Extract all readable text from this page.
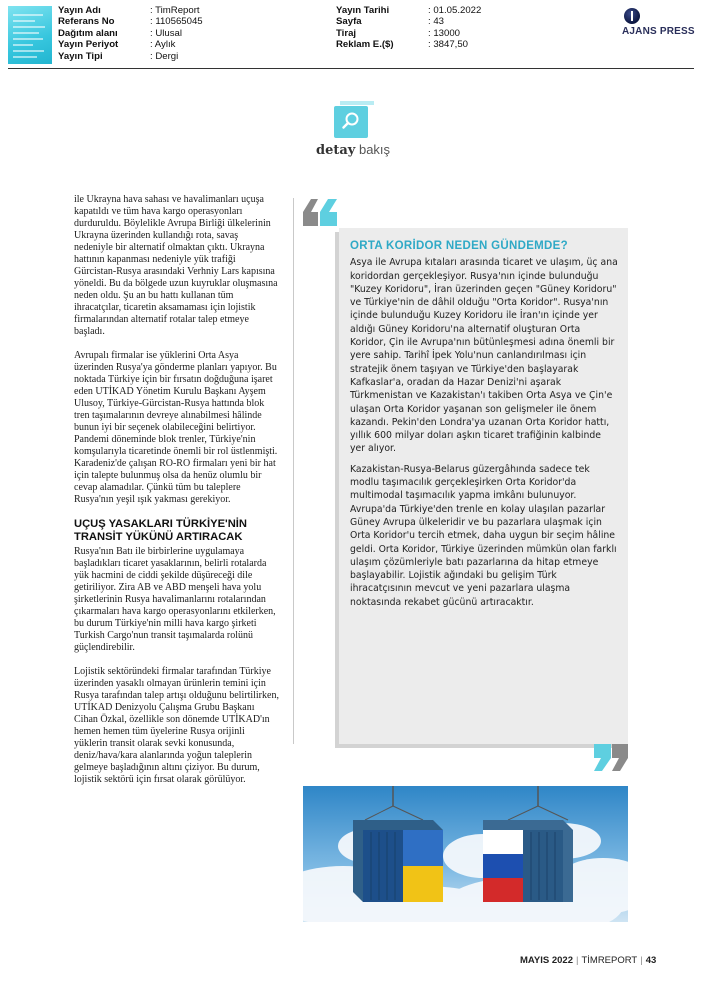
Yayın Adı	: TimReport
Referans No	: 110565045
Dağıtım alanı	: Ulusal
Yayın Periyot	: Aylık
Yayın Tipi	: Dergi
Yayın Tarihi	: 01.05.2022
Sayfa	: 43
Tiraj	: 13000
Reklam E.($)	: 3847,50
AJANS PRESS
detay bakış

ile Ukrayna hava sahası ve havalimanları uçuşa kapatıldı ve tüm hava kargo operasyonları durduruldu. Böylelikle Avrupa Birliği ülkelerinin Ukrayna üzerinden kullandığı rota, savaş nedeniyle bir alternatif olmaktan çıktı. Ukrayna hattının kapanması nedeniyle yük trafiği Gürcistan-Rusya arasındaki Verhniy Lars kapısına yöneldi. Bu da bölgede uzun kuyruklar oluşmasına neden oldu. Şu an bu hattı kullanan tüm ihracatçılar, ticaretin aksamaması için lojistik firmalarından alternatif rotalar talep etmeye başladı.

Avrupalı firmalar ise yüklerini Orta Asya üzerinden Rusya'ya gönderme planları yapıyor. Bu noktada Türkiye için bir fırsatın doğduğuna işaret eden UTİKAD Yönetim Kurulu Başkanı Ayşem Ulusoy, Türkiye-Gürcistan-Rusya hattında blok tren taşımalarının devreye alınabilmesi hâlinde bunun iyi bir seçenek olabileceğini belirtiyor. Pandemi döneminde blok trenler, Türkiye'nin komşularıyla ticaretinde önemli bir rol üstlenmişti. Karadeniz'de çalışan RO-RO firmaları yeni bir hat için talepte bulunmuş olsa da henüz olumlu bir cevap alamadılar. Çünkü tüm bu taleplere Rusya'nın yeşil ışık yakması gerekiyor.

UÇUŞ YASAKLARI TÜRKİYE'NİN TRANSİT YÜKÜNÜ ARTIRACAK

Rusya'nın Batı ile birbirlerine uygulamaya başladıkları ticaret yasaklarının, belirli rotalarda yük hacmini de ciddi şekilde düşüreceği dile getiriliyor. Zira AB ve ABD menşeli hava yolu şirketlerinin Rusya havalimanlarını rotalarından çıkarmaları hava kargo operasyonlarını etkilerken, bu durum Türkiye'nin milli hava kargo şirketi Turkish Cargo'nun transit taşımalarda rolünü güçlendirebilir.

Lojistik sektöründeki firmalar tarafından Türkiye üzerinden yasaklı olmayan ürünlerin temini için Rusya tarafından talep artışı olduğunu belirtilirken, UTİKAD Denizyolu Çalışma Grubu Başkanı Cihan Özkal, özellikle son dönemde UTİKAD'ın hemen hemen tüm üyelerine Rusya orijinli yüklerin transit olarak sevki konusunda, deniz/hava/kara alanlarında yoğun taleplerin gelmeye başladığının altını çiziyor. Bu durum, lojistik sektörü için fırsat olarak görülüyor.

ORTA KORİDOR NEDEN GÜNDEMDE?

Asya ile Avrupa kıtaları arasında ticaret ve ulaşım, üç ana koridordan gerçekleşiyor. Rusya'nın içinde bulunduğu "Kuzey Koridoru", İran üzerinden geçen "Güney Koridoru" ve Türkiye'nin de dâhil olduğu "Orta Koridor". Rusya'nın içinde bulunduğu Kuzey Koridoru ile İran'ın içinde yer aldığı Güney Koridoru'na alternatif oluşturan Orta Koridor, Çin ile Avrupa'nın bütünleşmesi adına önemli bir yere sahip. Tarihî İpek Yolu'nun canlandırılması için stratejik önem taşıyan ve Türkiye'den başlayarak Kafkaslar'a, oradan da Hazar Denizi'ni aşarak Türkmenistan ve Kazakistan'ı takiben Orta Asya ve Çin'e ulaşan Orta Koridor yaşanan son gelişmeler ile önem kazandı. Pekin'den Londra'ya uzanan Orta Koridor hattı, yıllık 600 milyar doları aşkın ticaret trafiğinin kalbinde yer alıyor.

Kazakistan-Rusya-Belarus güzergâhında sadece tek modlu taşımacılık gerçekleşirken Orta Koridor'da multimodal taşımacılık yapma imkânı bulunuyor. Avrupa'da Türkiye'den trenle en kolay ulaşılan pazarlar Güney Avrupa ülkeleridir ve bu pazarlara ulaşmak için Orta Koridor'u tercih etmek, daha uygun bir seçim hâline geldi. Orta Koridor, Türkiye üzerinden mümkün olan farklı ulaşım çözümleriyle batı pazarlarına da hitap etmeye başlayabilir. Lojistik ağındaki bu gelişim Türk ihracatçısının mevcut ve yeni pazarlara ulaşma noktasında rekabet gücünü artıracaktır.

MAYIS 2022 | TİMREPORT | 43
